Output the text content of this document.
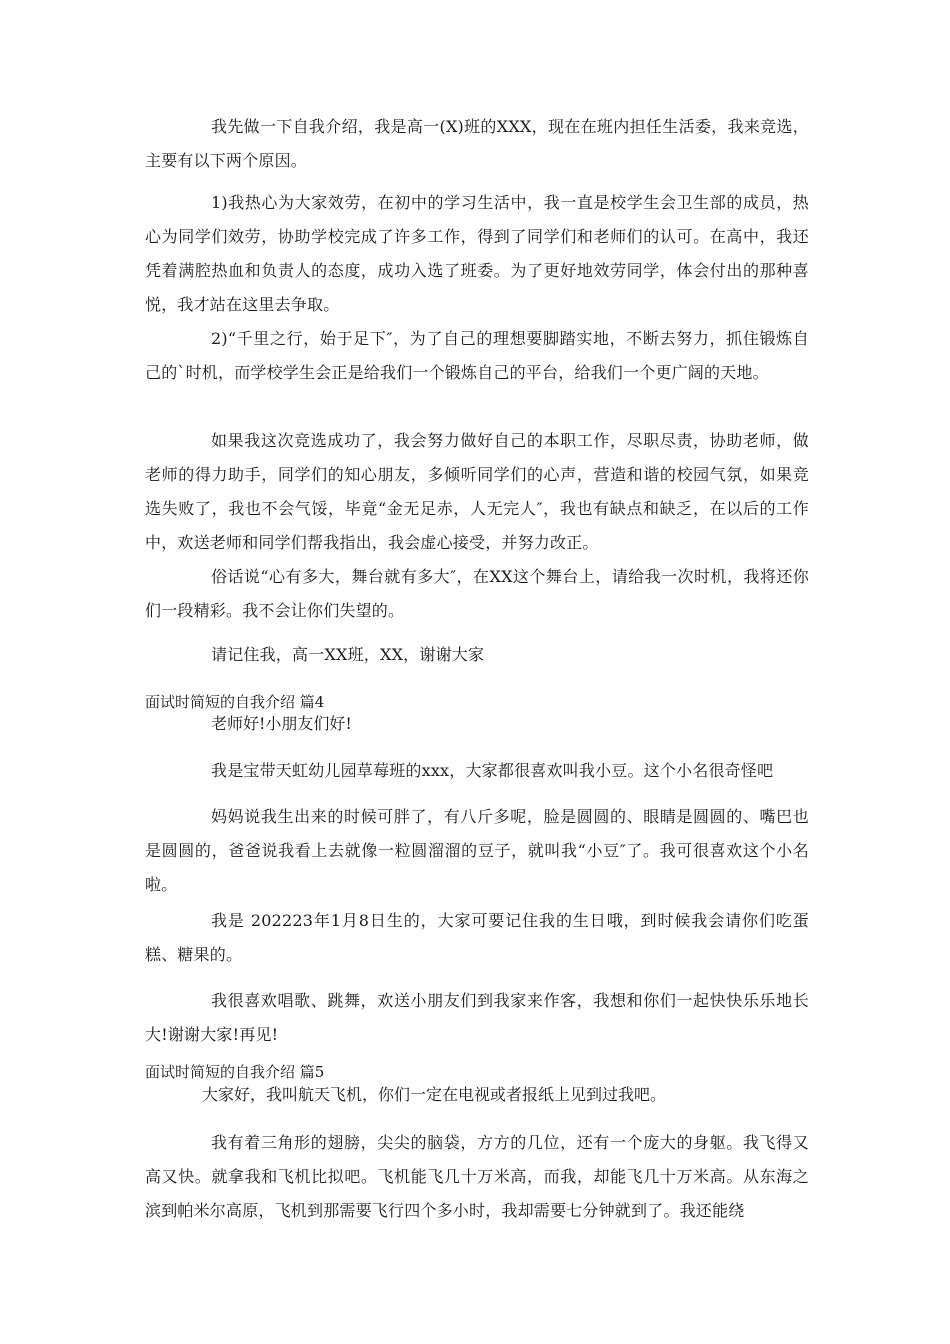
我先做一下自我介绍，我是高一(X)班的XXX，现在在班内担任生活委，我来竞选，主要有以下两个原因。

1)我热心为大家效劳，在初中的学习生活中，我一直是校学生会卫生部的成员，热心为同学们效劳，协助学校完成了许多工作，得到了同学们和老师们的认可。在高中，我还凭着满腔热血和负责人的态度，成功入选了班委。为了更好地效劳同学，体会付出的那种喜悦，我才站在这里去争取。

2)“千里之行，始于足下″，为了自己的理想要脚踏实地，不断去努力，抓住锻炼自己的`时机，而学校学生会正是给我们一个锻炼自己的平台，给我们一个更广阔的天地。

如果我这次竞选成功了，我会努力做好自己的本职工作，尽职尽责，协助老师，做老师的得力助手，同学们的知心朋友，多倾听同学们的心声，营造和谐的校园气氛，如果竞选失败了，我也不会气馁，毕竟“金无足赤，人无完人″，我也有缺点和缺乏，在以后的工作中，欢送老师和同学们帮我指出，我会虚心接受，并努力改正。

俗话说“心有多大，舞台就有多大″，在XX这个舞台上，请给我一次时机，我将还你们一段精彩。我不会让你们失望的。

请记住我，高一XX班，XX，谢谢大家

面试时简短的自我介绍 篇4

老师好!小朋友们好!

我是宝带天虹幼儿园草莓班的xxx，大家都很喜欢叫我小豆。这个小名很奇怪吧

妈妈说我生出来的时候可胖了，有八斤多呢，脸是圆圆的、眼睛是圆圆的、嘴巴也是圆圆的，爸爸说我看上去就像一粒圆溜溜的豆子，就叫我“小豆″了。我可很喜欢这个小名啦。

我是 202223年1月8日生的，大家可要记住我的生日哦，到时候我会请你们吃蛋糕、糖果的。

我很喜欢唱歌、跳舞，欢送小朋友们到我家来作客，我想和你们一起快快乐乐地长大!谢谢大家!再见!

面试时简短的自我介绍 篇5

大家好，我叫航天飞机，你们一定在电视或者报纸上见到过我吧。

我有着三角形的翅膀，尖尖的脑袋，方方的几位，还有一个庞大的身躯。我飞得又高又快。就拿我和飞机比拟吧。飞机能飞几十万米高，而我，却能飞几十万米高。从东海之滨到帕米尔高原，飞机到那需要飞行四个多小时，我却需要七分钟就到了。我还能绕
